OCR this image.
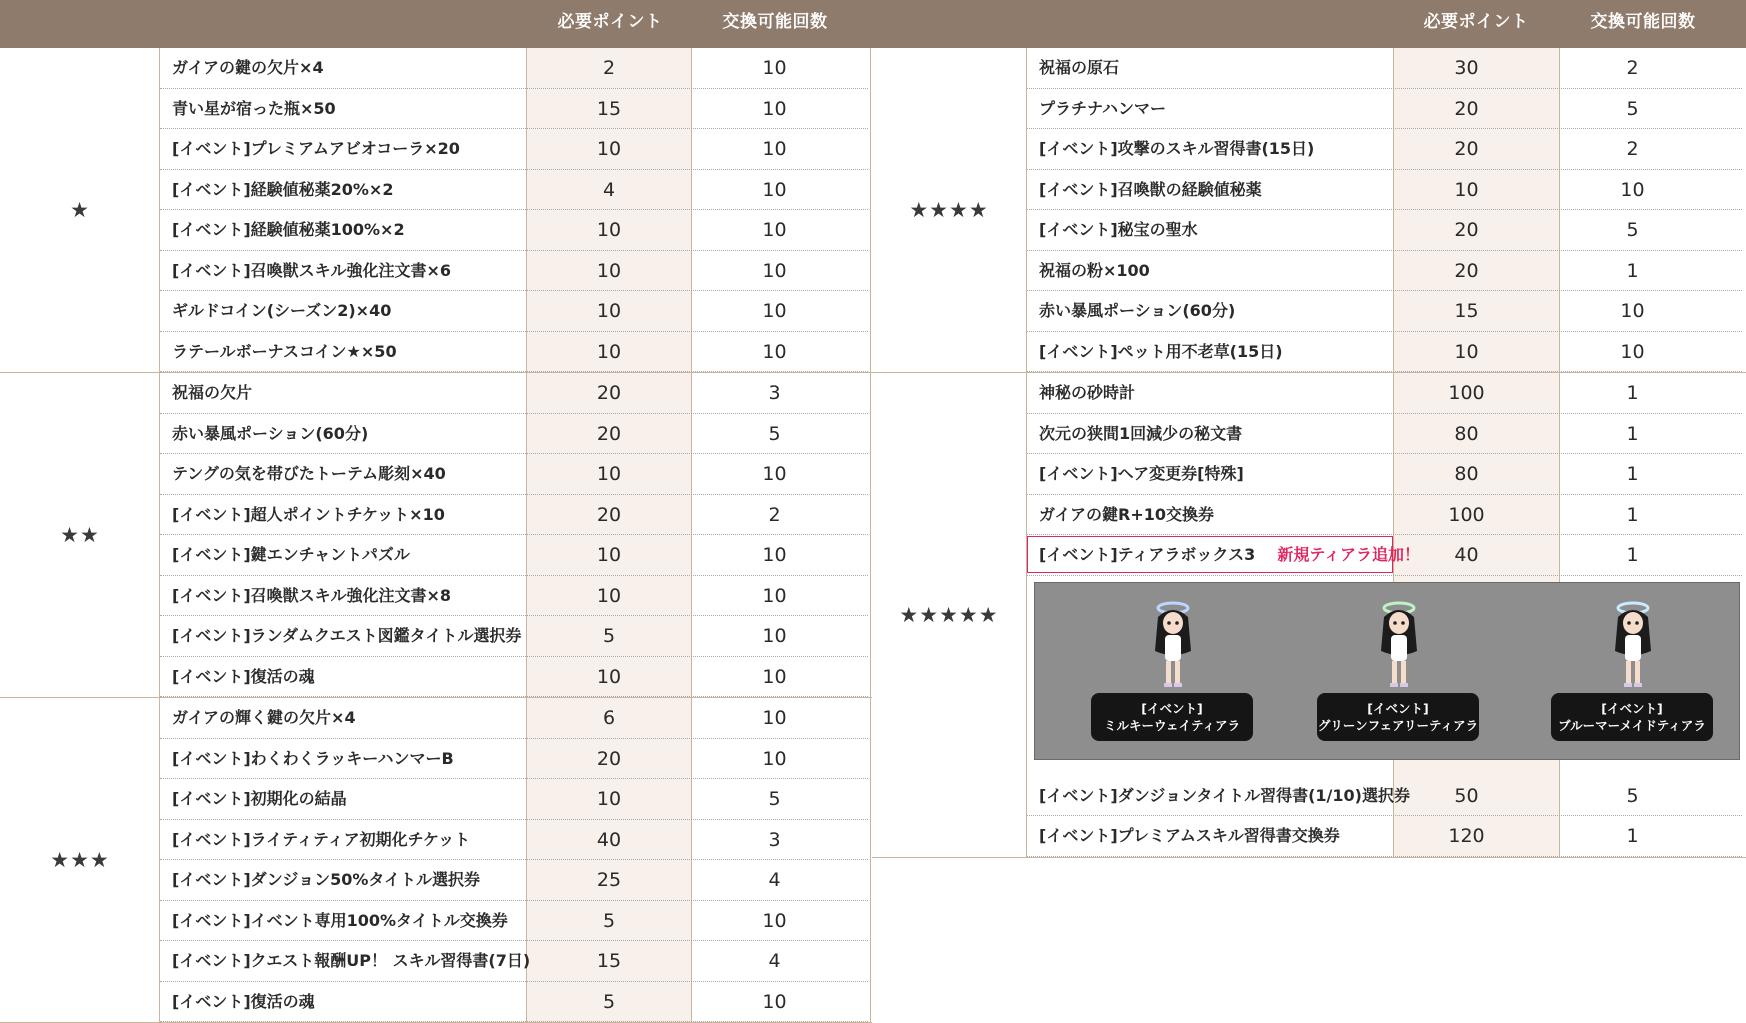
必要ポイント	交換可能回数
★
ガイアの鍵の欠片×4	2	10
青い星が宿った瓶×50	15	10
[イベント]プレミアムアビオコーラ×20	10	10
[イベント]経験値秘薬20%×2	4	10
[イベント]経験値秘薬100%×2	10	10
[イベント]召喚獣スキル強化注文書×6	10	10
ギルドコイン(シーズン2)×40	10	10
ラテールボーナスコイン★×50	10	10
★★
祝福の欠片	20	3
赤い暴風ポーション(60分)	20	5
テングの気を帯びたトーテム彫刻×40	10	10
[イベント]超人ポイントチケット×10	20	2
[イベント]鍵エンチャントパズル	10	10
[イベント]召喚獣スキル強化注文書×8	10	10
[イベント]ランダムクエスト図鑑タイトル選択券	5	10
[イベント]復活の魂	10	10
★★★
ガイアの輝く鍵の欠片×4	6	10
[イベント]わくわくラッキーハンマーB	20	10
[イベント]初期化の結晶	10	5
[イベント]ライティティア初期化チケット	40	3
[イベント]ダンジョン50%タイトル選択券	25	4
[イベント]イベント専用100%タイトル交換券	5	10
[イベント]クエスト報酬UP！ スキル習得書(7日)	15	4
[イベント]復活の魂	5	10
必要ポイント	交換可能回数
★★★★
祝福の原石	30	2
プラチナハンマー	20	5
[イベント]攻撃のスキル習得書(15日)	20	2
[イベント]召喚獣の経験値秘薬	10	10
[イベント]秘宝の聖水	20	5
祝福の粉×100	20	1
赤い暴風ポーション(60分)	15	10
[イベント]ペット用不老草(15日)	10	10
★★★★★
神秘の砂時計	100	1
次元の狭間1回減少の秘文書	80	1
[イベント]ヘア変更券[特殊]	80	1
ガイアの鍵R+10交換券	100	1
[イベント]ティアラボックス3 新規ティアラ追加！	40	1
[イベント]
ミルキーウェイティアラ
[イベント]
グリーンフェアリーティアラ
[イベント]
ブルーマーメイドティアラ
[イベント]ダンジョンタイトル習得書(1/10)選択券	50	5
[イベント]プレミアムスキル習得書交換券	120	1
